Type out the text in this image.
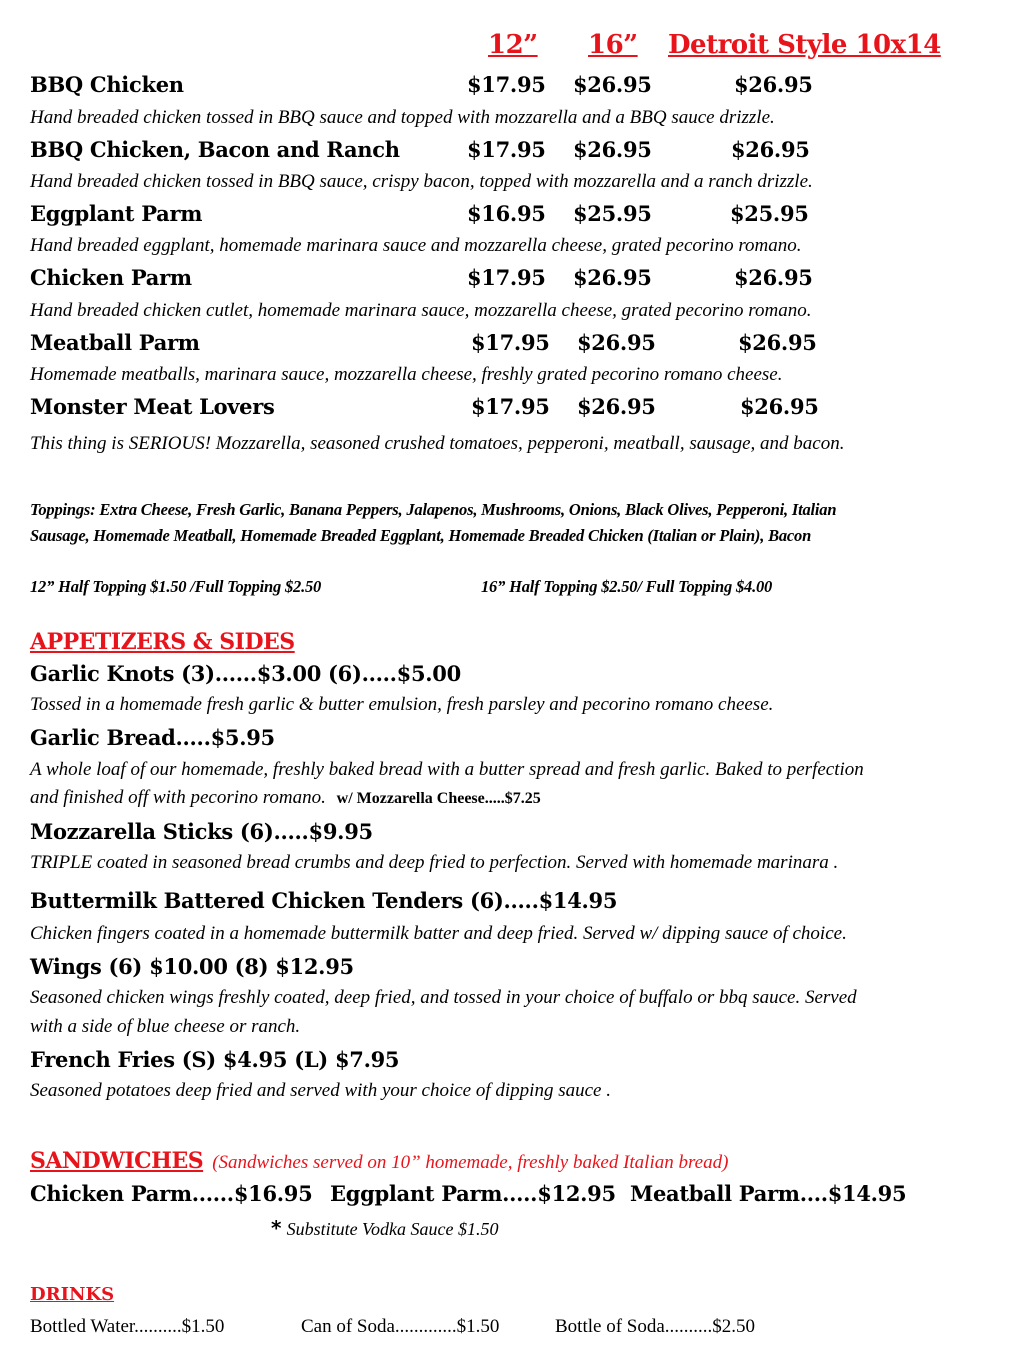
12” 16” Detroit Style 10x14
BBQ Chicken	$17.95 $26.95	$26.95
Hand breaded chicken tossed in BBQ sauce and topped with mozzarella and a BBQ sauce drizzle.
BBQ Chicken, Bacon and Ranch	$17.95 $26.95	$26.95
Hand breaded chicken tossed in BBQ sauce, crispy bacon, topped with mozzarella and a ranch drizzle.
Eggplant Parm	$16.95 $25.95	$25.95
Hand breaded eggplant, homemade marinara sauce and mozzarella cheese, grated pecorino romano.
Chicken Parm	$17.95 $26.95	$26.95
Hand breaded chicken cutlet, homemade marinara sauce, mozzarella cheese, grated pecorino romano.
Meatball Parm	$17.95 $26.95	$26.95
Homemade meatballs, marinara sauce, mozzarella cheese, freshly grated pecorino romano cheese.
Monster Meat Lovers	$17.95 $26.95	$26.95
This thing is SERIOUS! Mozzarella, seasoned crushed tomatoes, pepperoni, meatball, sausage, and bacon.
Toppings: Extra Cheese, Fresh Garlic, Banana Peppers, Jalapenos, Mushrooms, Onions, Black Olives, Pepperoni, Italian
Sausage, Homemade Meatball, Homemade Breaded Eggplant, Homemade Breaded Chicken (Italian or Plain), Bacon
12” Half Topping $1.50 /Full Topping $2.50	16” Half Topping $2.50/ Full Topping $4.00
APPETIZERS & SIDES
Garlic Knots (3)......$3.00 (6).....$5.00
Tossed in a homemade fresh garlic & butter emulsion, fresh parsley and pecorino romano cheese.
Garlic Bread.....$5.95
A whole loaf of our homemade, freshly baked bread with a butter spread and fresh garlic. Baked to perfection
and finished off with pecorino romano. w/ Mozzarella Cheese.....$7.25
Mozzarella Sticks (6).....$9.95
TRIPLE coated in seasoned bread crumbs and deep fried to perfection. Served with homemade marinara .
Buttermilk Battered Chicken Tenders (6).....$14.95
Chicken fingers coated in a homemade buttermilk batter and deep fried. Served w/ dipping sauce of choice.
Wings (6) $10.00 (8) $12.95
Seasoned chicken wings freshly coated, deep fried, and tossed in your choice of buffalo or bbq sauce. Served
with a side of blue cheese or ranch.
French Fries (S) $4.95 (L) $7.95
Seasoned potatoes deep fried and served with your choice of dipping sauce .
SANDWICHES (Sandwiches served on 10” homemade, freshly baked Italian bread)
Chicken Parm......$16.95 Eggplant Parm.....$12.95 Meatball Parm....$14.95
* Substitute Vodka Sauce $1.50
DRINKS
Bottled Water..........$1.50	Can of Soda.............$1.50	Bottle of Soda..........$2.50
